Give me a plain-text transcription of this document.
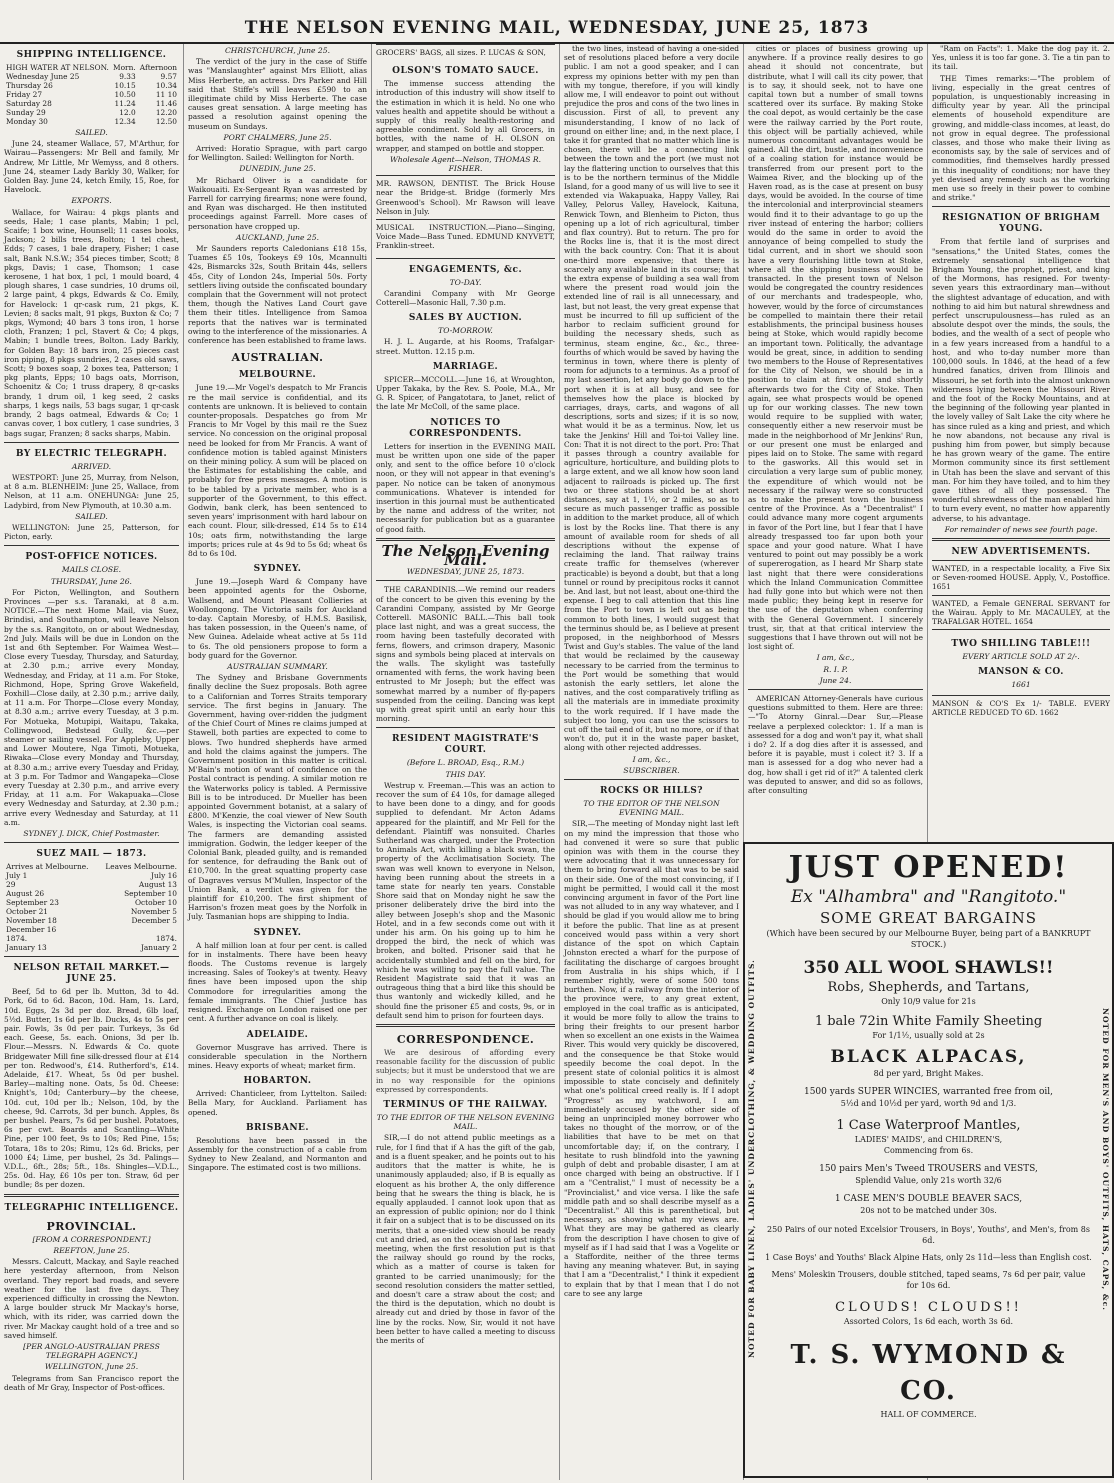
THE NELSON EVENING MAIL, WEDNESDAY, JUNE 25, 1873
SHIPPING INTELLIGENCE.
HIGH WATER AT NELSON.	Morn.	Afternoon
Wednesday June 25	9.33	9.57
Thursday 26	10.15	10.34
Friday 27	10.50	11 10
Saturday 28	11.24	11.46
Sunday 29	12.0	12.20
Monday 30	12.34	12.50
SAILED.

June 24, steamer Wallace, 57, M'Arthur, for Wairau—Passengers: Mr Bell and family, Mr Andrew, Mr Little, Mr Wemyss, and 8 others. June 24, steamer Lady Barkly 30, Walker, for Golden Bay. June 24, ketch Emily, 15, Roe, for Havelock.

EXPORTS.

Wallace, for Wairau: 4 pkgs plants and seeds, Hale; 1 case plants, Mabin; 1 pcl, Scaife; 1 box wine, Hounsell; 11 cases books, Jackson; 2 bills trees, Bolton; 1 tel chest, Edds; 7 cases, 1 bale drapery, Fisher; 1 case salt, Bank N.S.W.; 354 pieces timber, Scott; 8 pkgs, Davis; 1 case, Thomson; 1 case kerosene, 1 hat box, 1 pcl, 1 mould board, 4 plough shares, 1 case sundries, 10 drums oil, 2 large paint, 4 pkgs, Edwards & Co. Emily, for Havelock: 1 qr-cask rum, 21 pkgs, K. Levien; 8 sacks malt, 91 pkgs, Buxton & Co; 7 pkgs, Wymond; 40 bars 3 tons iron, 1 horse cloth, Franzen; 1 pcl, Stavert & Co; 4 pkgs, Mabin; 1 bundle trees, Bolton. Lady Barkly, for Golden Bay: 18 bars iron, 25 pieces cast iron piping, 8 pkgs sundries, 2 cases old saws, Scott; 9 boxes soap, 2 boxes tea, Patterson; 1 pkg plants, Epps; 10 bags oats, Morrison, Schoenitz & Co; 1 truss drapery, 8 qr-casks brandy, 1 drum oil, 1 keg seed, 2 casks sharps, 1 kegs nails, 53 bags sugar, 1 qr-cask brandy, 2 bags oatmeal, Edwards & Co; 1 canvas cover, 1 box cutlery, 1 case sundries, 3 bags sugar, Franzen; 8 sacks sharps, Mabin.

BY ELECTRIC TELEGRAPH.
ARRIVED.

WESTPORT: June 25, Murray, from Nelson, at 8 a.m. BLENHEIM: June 25, Wallace, from Nelson, at 11 a.m. ONEHUNGA: June 25, Ladybird, from New Plymouth, at 10.30 a.m.

SAILED.

WELLINGTON: June 25, Patterson, for Picton, early.

POST-OFFICE NOTICES.
MAILS CLOSE.
THURSDAY, June 26.

For Picton, Wellington, and Southern Provinces —per s.s. Taranaki, at 8 a.m. NOTICE.—The next Home Mail, via Suez, Brindisi, and Southampton, will leave Nelson by the s.s. Rangitoto, on or about Wednesday, 2nd July. Mails will be due in London on the 1st and 6th September. For Waimea West—Close every Tuesday, Thursday, and Saturday, at 2.30 p.m.; arrive every Monday, Wednesday, and Friday, at 11 a.m. For Stoke, Richmond, Hope, Spring Grove Wakefield, Foxhill—Close daily, at 2.30 p.m.; arrive daily, at 11 a.m. For Thorpe—Close every Monday, at 8.30 a.m.; arrive every Tuesday, at 3 p.m. For Motueka, Motupipi, Waitapu, Takaka, Collingwood, Bedstead Gully, &c.—per steamer or sailing vessel. For Appleby, Upper and Lower Moutere, Nga Timoti, Motueka, Riwaka—Close every Monday and Thursday, at 8.30 a.m.; arrive every Tuesday and Friday, at 3 p.m. For Tadmor and Wangapeka—Close every Tuesday at 2.30 p.m., and arrive every Friday, at 11 a.m. For Wakapuaka—Close every Wednesday and Saturday, at 2.30 p.m.; arrive every Wednesday and Saturday, at 11 a.m.

SYDNEY J. DICK, Chief Postmaster.
SUEZ MAIL — 1873.
Arrives at Melbourne.	Leaves Melbourne.
July 1	July 16
29	August 13
August 26	September 10
September 23	October 10
October 21	November 5
November 18	December 5
December 16	
1874.	1874.
January 13	January 2
NELSON RETAIL MARKET.—JUNE 25.

Beef, 5d to 6d per lb. Mutton, 3d to 4d. Pork, 6d to 6d. Bacon, 10d. Ham, 1s. Lard, 10d. Eggs, 2s 3d per doz. Bread, 6lb loaf, 5½d. Butter, 1s 6d per lb. Ducks, 4s to 5s per pair. Fowls, 3s 0d per pair. Turkeys, 3s 6d each. Geese, 5s. each. Onions, 3d per lb. Flour.—Messrs. N. Edwards & Co. quote Bridgewater Mill fine silk-dressed flour at £14 per ton. Redwood's, £14. Rutherford's, £14. Adelaide, £17. Wheat, 5s 0d per bushel. Barley—malting none. Oats, 5s 0d. Cheese: Knight's, 10d; Canterbury—by the cheese, 10d. cut, 10d per lb.; Nelson, 10d, by the cheese, 9d. Carrots, 3d per bunch. Apples, 8s per bushel. Pears, 7s 6d per bushel. Potatoes, 6s per cwt. Boards and Scantling—White Pine, per 100 feet, 9s to 10s; Red Pine, 15s; Totara, 18s to 20s; Rimu, 12s 6d. Bricks, per 1000 £4; Lime, per bushel, 2s 3d. Palings—V.D.L., 6ft., 28s; 5ft., 18s. Shingles—V.D.L., 25s. 0d. Hay, £6 10s per ton. Straw, 6d per bundle; 8s per dozen.

TELEGRAPHIC INTELLIGENCE.
PROVINCIAL.
[FROM A CORRESPONDENT.]
REEFTON, June 25.

Messrs. Calcutt, Mackay, and Sayle reached here yesterday afternoon, from Nelson overland. They report bad roads, and severe weather for the last five days. They experienced difficulty in crossing the Newton. A large boulder struck Mr Mackay's horse, which, with its rider, was carried down the river. Mr Mackay caught hold of a tree and so saved himself.

[PER ANGLO-AUSTRALIAN PRESS TELEGRAPH AGENCY.]
WELLINGTON, June 25.

Telegrams from San Francisco report the death of Mr Gray, Inspector of Post-offices.

CHRISTCHURCH, June 25.

The verdict of the jury in the case of Stiffe was "Manslaughter" against Mrs Elliott, alias Miss Herberte, an actress. Drs Parker and Hill said that Stiffe's will leaves £590 to an illegitimate child by Miss Herberte. The case causes great sensation. A large meeting has passed a resolution against opening the museum on Sundays.

PORT CHALMERS, June 25.

Arrived: Horatio Sprague, with part cargo for Wellington. Sailed: Wellington for North.

DUNEDIN, June 25.

Mr Richard Oliver is a candidate for Waikouaiti. Ex-Sergeant Ryan was arrested by Farrell for carrying firearms; none were found, and Ryan was discharged. He then instituted proceedings against Farrell. More cases of personation have cropped up.

AUCKLAND, June 25.

Mr Saunders reports Caledonians £18 15s, Tuames £5 10s, Tookeys £9 10s, Mcannulti 42s, Bismarcks 32s, South Britain 44s, sellers 45s, City of London 24s, Imperial 50s. Forty settlers living outside the confiscated boundary complain that the Government will not protect them, though the Natives Land Court gave them their titles. Intelligence from Samoa reports that the natives war is terminated owing to the interference of the missionaries. A conference has been established to frame laws.

AUSTRALIAN.
MELBOURNE.

June 19.—Mr Vogel's despatch to Mr Francis re the mail service is confidential, and its contents are unknown. It is believed to contain counter-proposals. Despatches go from Mr Francis to Mr Vogel by this mail re the Suez service. No concession on the original proposal need be looked for from Mr Francis. A want of confidence motion is tabled against Ministers on their mining policy. A sum will be placed on the Estimates for establishing the cable, and probably for free press messages. A motion is to be tabled by a private member, who is a supporter of the Government, to this effect. Godwin, bank clerk, has been sentenced to seven years' imprisonment with hard labour on each count. Flour, silk-dressed, £14 5s to £14 10s; oats firm, notwithstanding the large imports; prices rule at 4s 9d to 5s 6d; wheat 6s 8d to 6s 10d.

SYDNEY.

June 19.—Joseph Ward & Company have been appointed agents for the Osborne, Wallsend, and Mount Pleasant Collieries at Woollongong. The Victoria sails for Auckland to-day. Captain Moresby, of H.M.S. Basilisk, has taken possession, in the Queen's name, of New Guinea. Adelaide wheat active at 5s 11d to 6s. The old pensioners propose to form a body guard for the Governor.

AUSTRALIAN SUMMARY.

The Sydney and Brisbane Governments finally decline the Suez proposals. Both agree to a Californian and Torres Straits temporary service. The first begins in January. The Government, having over-ridden the judgment of the Chief Court of Mines re claims jumped at Stawell, both parties are expected to come to blows. Two hundred shepherds have armed and hold the claims against the jumpers. The Government position in this matter is critical. M'Bain's motion of want of confidence on the Postal contract is pending. A similar motion re the Waterworks policy is tabled. A Permissive Bill is to be introduced. Dr Mueller has been appointed Government botanist, at a salary of £800. M'Kenzie, the coal viewer of New South Wales, is inspecting the Victorian coal seams. The farmers are demanding assisted immigration. Godwin, the ledger keeper of the Colonial Bank, pleaded guilty, and is remanded for sentence, for defrauding the Bank out of £10,700. In the great squatting property case of Dagraves versus M'Mullen, Inspector of the Union Bank, a verdict was given for the plaintiff for £10,200. The first shipment of Harrison's frozen meat goes by the Norfolk in July. Tasmanian hops are shipping to India.

SYDNEY.

A half million loan at four per cent. is called for in instalments. There have been heavy floods. The Customs revenue is largely increasing. Sales of Tookey's at twenty. Heavy fines have been imposed upon the ship Commodore for irregularities among the female immigrants. The Chief Justice has resigned. Exchange on London raised one per cent. A further advance on coal is likely.

ADELAIDE.

Governor Musgrave has arrived. There is considerable speculation in the Northern mines. Heavy exports of wheat; market firm.

HOBARTON.

Arrived: Chanticleer, from Lyttelton. Sailed: Bella Mary, for Auckland. Parliament has opened.

BRISBANE.

Resolutions have been passed in the Assembly for the construction of a cable from Sydney to New Zealand, and Normanton and Singapore. The estimated cost is two millions.

GROCERS' BAGS, all sizes. P. LUCAS & SON,
OLSON'S TOMATO SAUCE.

The immense success attending the introduction of this industry will show itself to the estimation in which it is held. No one who values health and appetite should be without a supply of this really health-restoring and agreeable condiment. Sold by all Grocers, in bottles, with the name of H. OLSON on wrapper, and stamped on bottle and stopper.

Wholesale Agent—Nelson, THOMAS R. FISHER.
MR. RAWSON, DENTIST. The Brick House near the Bridge-st. Bridge (formerly Mrs Greenwood's School). Mr Rawson will leave Nelson in July.
MUSICAL INSTRUCTION.—Piano—Singing, Voice Made—Bass Tuned. EDMUND KNYVETT, Franklin-street.
ENGAGEMENTS, &c.
TO-DAY.

Carandini Company with Mr George Cotterell—Masonic Hall, 7.30 p.m.

SALES BY AUCTION.
TO-MORROW.

H. J. L. Augarde, at his Rooms, Trafalgar-street. Mutton. 12.15 p.m.

MARRIAGE.

SPICER—MCCOLL.—June 16, at Wroughton, Upper Takaka, by the Rev. S. Poole, M.A., Mr G. R. Spicer, of Pangatotara, to Janet, relict of the late Mr McColl, of the same place.

NOTICES TO CORRESPONDENTS.

Letters for insertion in the EVENING MAIL must be written upon one side of the paper only, and sent to the office before 10 o'clock noon, or they will not appear in that evening's paper. No notice can be taken of anonymous communications. Whatever is intended for insertion in this journal must be authenticated by the name and address of the writer, not necessarily for publication but as a guarantee of good faith.

The Nelson Evening Mail.
WEDNESDAY, JUNE 25, 1873.

THE CARANDINIS.—We remind our readers of the concert to be given this evening by the Carandini Company, assisted by Mr George Cotterell. MASONIC BALL.—This ball took place last night, and was a great success, the room having been tastefully decorated with ferns, flowers, and crimson drapery, Masonic signs and symbols being placed at intervals on the walls. The skylight was tastefully ornamented with ferns, the work having been entrusted to Mr Joseph; but the effect was somewhat marred by a number of fly-papers suspended from the ceiling. Dancing was kept up with great spirit until an early hour this morning.

RESIDENT MAGISTRATE'S COURT.
(Before L. BROAD, Esq., R.M.)
THIS DAY.

Westrup v. Freeman.—This was an action to recover the sum of £4 10s, for damage alleged to have been done to a dingy, and for goods supplied to defendant. Mr Acton Adams appeared for the plaintiff, and Mr Fell for the defendant. Plaintiff was nonsuited. Charles Sutherland was charged, under the Protection to Animals Act, with killing a black swan, the property of the Acclimatisation Society. The swan was well known to everyone in Nelson, having been running about the streets in a tame state for nearly ten years. Constable Shore said that on Monday night he saw the prisoner deliberately drive the bird into the alley between Joseph's shop and the Masonic Hotel, and in a few seconds come out with it under his arm. On his going up to him he dropped the bird, the neck of which was broken, and bolted. Prisoner said that he accidentally stumbled and fell on the bird, for which he was willing to pay the full value. The Resident Magistrate said that it was an outrageous thing that a bird like this should be thus wantonly and wickedly killed, and he should fine the prisoner £5 and costs, 9s, or in default send him to prison for fourteen days.

CORRESPONDENCE.

We are desirous of affording every reasonable facility for the discussion of public subjects; but it must be understood that we are in no way responsible for the opinions expressed by correspondents.

TERMINUS OF THE RAILWAY.
TO THE EDITOR OF THE NELSON EVENING MAIL.

SIR,—I do not attend public meetings as a rule, for I find that if A has the gift of the gab, and is a fluent speaker, and he points out to his auditors that the matter is white, he is unanimously applauded; also, if B is equally as eloquent as his brother A, the only difference being that he swears the thing is black, he is equally applauded. I cannot look upon that as an expression of public opinion; nor do I think it fair on a subject that is to be discussed on its merits, that a one-sided view should be ready cut and dried, as on the occasion of last night's meeting, when the first resolution put is that the railway should go round by the rocks, which as a matter of course is taken for granted to be carried unanimously; for the second resolution considers the matter settled, and doesn't care a straw about the cost; and the third is the deputation, which no doubt is already cut and dried by those in favor of the line by the rocks. Now, Sir, would it not have been better to have called a meeting to discuss the merits of

the two lines, instead of having a one-sided set of resolutions placed before a very docile public. I am not a good speaker, and I can express my opinions better with my pen than with my tongue, therefore, if you will kindly allow me, I will endeavor to point out without prejudice the pros and cons of the two lines in discussion. First of all, to prevent any misunderstanding, I know of no lack of ground on either line; and, in the next place, I take it for granted that no matter which line is chosen, there will be a connecting link between the town and the port (we must not lay the flattering unction to ourselves that this is to be the northern terminus of the Middle Island, for a good many of us will live to see it extended via Wakapuaka, Happy Valley, Rai Valley, Pelorus Valley, Havelock, Kaituna, Renwick Town, and Blenheim to Picton, thus opening up a lot of rich agricultural, timber and flax country). But to return. The pro for the Rocks line is, that it is the most direct with the back country. Con: That it is about one-third more expensive; that there is scarcely any available land in its course; that the extra expense of building a sea wall from where the present road would join the extended line of rail is all unnecessary, and last, but not least, the very great expense that must be incurred to fill up sufficient of the harbor to reclaim sufficient ground for building the necessary sheds, such as terminus, steam engine, &c., &c., three-fourths of which would be saved by having the terminus in town, where there is plenty of room for adjuncts to a terminus. As a proof of my last assertion, let any body go down to the port when it is at all busy, and see for themselves how the place is blocked by carriages, drays, carts, and wagons of all descriptions, sorts and sizes; if it is so now, what would it be as a terminus. Now, let us take the Jenkins' Hill and Toi-toi Valley line. Con: That it is not direct to the port. Pro: That it passes through a country available for agriculture, horticulture, and building plots to a large extent, and we all know how soon land adjacent to railroads is picked up. The first two or three stations should be at short distances, say at 1, 1½, or 2 miles, so as to secure as much passenger traffic as possible in addition to the market produce, all of which is lost by the Rocks line. That there is any amount of available room for sheds of all descriptions without the expense of reclaiming the land. That railway trains create traffic for themselves (wherever practicable) is beyond a doubt, but that a long tunnel or round by precipitous rocks it cannot be. And last, but not least, about one-third the expense. I beg to call attention that this line from the Port to town is left out as being common to both lines, I would suggest that the terminus should be, as I believe at present proposed, in the neighborhood of Messrs Twist and Guy's stables. The value of the land that would be reclaimed by the causeway necessary to be carried from the terminus to the Port would be something that would astonish the early settlers, let alone the natives, and the cost comparatively trifling as all the materials are in immediate proximity to the work required. If I have made the subject too long, you can use the scissors to cut off the tail end of it, but no more, or if that won't do, put it in the waste paper basket, along with other rejected addresses.

I am, &c.,
SUBSCRIBER.
ROCKS OR HILLS?
TO THE EDITOR OF THE NELSON EVENING MAIL.

SIR,—The meeting of Monday night last left on my mind the impression that those who had convened it were so sure that public opinion was with them in the course they were advocating that it was unnecessary for them to bring forward all that was to be said on their side. One of the most convincing, if I might be permitted, I would call it the most convincing argument in favor of the Port line was not alluded to in any way whatever, and I should be glad if you would allow me to bring it before the public. That line as at present conceived would pass within a very short distance of the spot on which Captain Johnston erected a wharf for the purpose of facilitating the discharge of cargoes brought from Australia in his ships which, if I remember rightly, were of some 500 tons burthen. Now, if a railway from the interior of the province were, to any great extent, employed in the coal traffic as is anticipated, it would be more folly to allow the trains to bring their freights to our present harbor when so excellent an one exists in the Waimea River. This would very quickly be discovered, and the consequence be that Stoke would speedily become the coal depot. In the present state of colonial politics it is almost impossible to state concisely and definitely what one's political creed really is. If I adopt "Progress" as my watchword, I am immediately accused by the other side of being an unprincipled money borrower who takes no thought of the morrow, or of the liabilities that have to be met on that uncomfortable day; if, on the contrary, I hesitate to rush blindfold into the yawning gulph of debt and probable disaster, I am at once charged with being an obstructive. If I am a "Centralist," I must of necessity be a "Provincialist," and vice versa. I like the safe middle path and so shall describe myself as a "Decentralist." All this is parenthetical, but necessary, as showing what my views are. What they are may be gathered as clearly from the description I have chosen to give of myself as if I had said that I was a Vogelite or a Staffordite, neither of the three terms having any meaning whatever. But, in saying that I am a "Decentralist," I think it expedient to explain that by that I mean that I do not care to see any large

cities or places of business growing up anywhere. If a province really desires to go ahead it should not concentrate, but distribute, what I will call its city power, that is to say, it should seek, not to have one capital town but a number of small towns scattered over its surface. By making Stoke the coal depot, as would certainly be the case were the railway carried by the Port route, this object will be partially achieved, while numerous concomitant advantages would be gained. All the dirt, bustle, and inconvenience of a coaling station for instance would be transferred from our present port to the Waimea River, and the blocking up of the Haven road, as is the case at present on busy days, would be avoided. In the course of time the intercolonial and interprovincial steamers would find it to their advantage to go up the river instead of entering the harbor; colliers would do the same in order to avoid the annoyance of being compelled to study the tidal current, and in short we should soon have a very flourishing little town at Stoke, where all the shipping business would be transacted. In the present town of Nelson would be congregated the country residences of our merchants and tradespeople, who, however, would by the force of circumstances be compelled to maintain there their retail establishments, the principal business houses being at Stoke, which would rapidly become an important town. Politically, the advantage would be great, since, in addition to sending two members to the House of Representatives for the City of Nelson, we should be in a position to claim at first one, and shortly afterwards two for the City of Stoke. Then again, see what prospects would be opened up for our working classes. The new town would require to be supplied with water, consequently either a new reservoir must be made in the neighborhood of Mr Jenkins' Run, or our present one must be enlarged and pipes laid on to Stoke. The same with regard to the gasworks. All this would set in circulation a very large sum of public money, the expenditure of which would not be necessary if the railway were so constructed as to make the present town the business centre of the Province. As a "Decentralist" I could advance many more cogent arguments in favor of the Port line, but I fear that I have already trespassed too far upon both your space and your good nature. What I have ventured to point out may possibly be a work of supererogation, as I heard Mr Sharp state last night that there were considerations which the Inland Communication Committee had fully gone into but which were not then made public; they being kept in reserve for the use of the deputation when conferring with the General Government. I sincerely trust, sir, that at that critical interview the suggestions that I have thrown out will not be lost sight of.

I am, &c.,
R. I. P.
June 24.

AMERICAN Attorney-Generals have curious questions submitted to them. Here are three:—"To Atorny Ginral.—Dear Sur,—Please reelave a perplexed colecktor: 1. If a man is assessed for a dog and won't pay it, what shall i do? 2. If a dog dies after it is assessed, and before it is payable, must i colect it? 3. If a man is assessed for a dog who never had a dog, how shall i get rid of it?" A talented clerk was deputed to answer, and did so as follows, after consulting

"Ram on Facts": 1. Make the dog pay it. 2. Yes, unless it is too far gone. 3. Tie a tin pan to its tail.

THE Times remarks:—"The problem of living, especially in the great centres of population, is unquestionably increasing in difficulty year by year. All the principal elements of household expenditure are growing, and middle-class incomes, at least, do not grow in equal degree. The professional classes, and those who make their living as economists say, by the sale of services and of commodities, find themselves hardly pressed in this inequality of conditions; nor have they yet devised any remedy such as the working men use so freely in their power to combine and strike."

RESIGNATION OF BRIGHAM YOUNG.

From that fertile land of surprises and "sensations," the United States, comes the extremely sensational intelligence that Brigham Young, the prophet, priest, and king of the Mormons, has resigned. For twenty-seven years this extraordinary man—without the slightest advantage of education, and with nothing to aid him but natural shrewdness and perfect unscrupulousness—has ruled as an absolute despot over the minds, the souls, the bodies, and the wealth of a sect of people who in a few years increased from a handful to a host, and who to-day number more than 100,000 souls. In 1846, at the head of a few hundred fanatics, driven from Illinois and Missouri, he set forth into the almost unknown wilderness lying between the Missouri River and the foot of the Rocky Mountains, and at the beginning of the following year planted in the lovely valley of Salt Lake the city where he has since ruled as a king and priest, and which he now abandons, not because any rival is pushing him from power, but simply because he has grown weary of the game. The entire Mormon community since its first settlement in Utah has been the slave and servant of this man. For him they have toiled, and to him they gave tithes of all they possessed. The wonderful shrewdness of the man enabled him to turn every event, no matter how apparently adverse, to his advantage.

For remainder of news see fourth page.
NEW ADVERTISEMENTS.
WANTED, in a respectable locality, a Five Six or Seven-roomed HOUSE. Apply, V., Postoffice. 1651
WANTED, a Female GENERAL SERVANT for the Wairau. Apply to Mr. MACAULEY, at the TRAFALGAR HOTEL. 1654
TWO SHILLING TABLE!!!
EVERY ARTICLE SOLD AT 2/-.
MANSON & CO.
1661
MANSON & CO'S Ex 1/- TABLE. EVERY ARTICLE REDUCED TO 6D. 1662
NOTED FOR BABY LINEN, LADIES' UNDERCLOTHING, & WEDDING OUTFITS.	NOTED FOR MEN'S AND BOYS' OUTFITS, HATS, CAPS, &c.
JUST OPENED!
Ex "Alhambra" and "Rangitoto."
SOME GREAT BARGAINS
(Which have been secured by our Melbourne Buyer, being part of a BANKRUPT STOCK.)
350 ALL WOOL SHAWLS!!
Robs, Shepherds, and Tartans,
Only 10/9 value for 21s
1 bale 72in White Family Sheeting
For 1/1½, usually sold at 2s
BLACK ALPACAS,
8d per yard, Bright Makes.
1500 yards SUPER WINCIES, warranted free from oil,
5½d and 10½d per yard, worth 9d and 1/3.
1 Case Waterproof Mantles,
LADIES' MAIDS', and CHILDREN'S,
Commencing from 6s.
150 pairs Men's Tweed TROUSERS and VESTS,
Splendid Value, only 21s worth 32/6
1 CASE MEN'S DOUBLE BEAVER SACS,
20s not to be matched under 30s.
250 Pairs of our noted Excelsior Trousers, in Boys', Youths', and Men's, from 8s 6d.
1 Case Boys' and Youths' Black Alpine Hats, only 2s 11d—less than English cost.
Mens' Moleskin Trousers, double stitched, taped seams, 7s 6d per pair, value for 10s 6d.
CLOUDS! CLOUDS!!
Assorted Colors, 1s 6d each, worth 3s 6d.
T. S. WYMOND & CO.
HALL OF COMMERCE.
